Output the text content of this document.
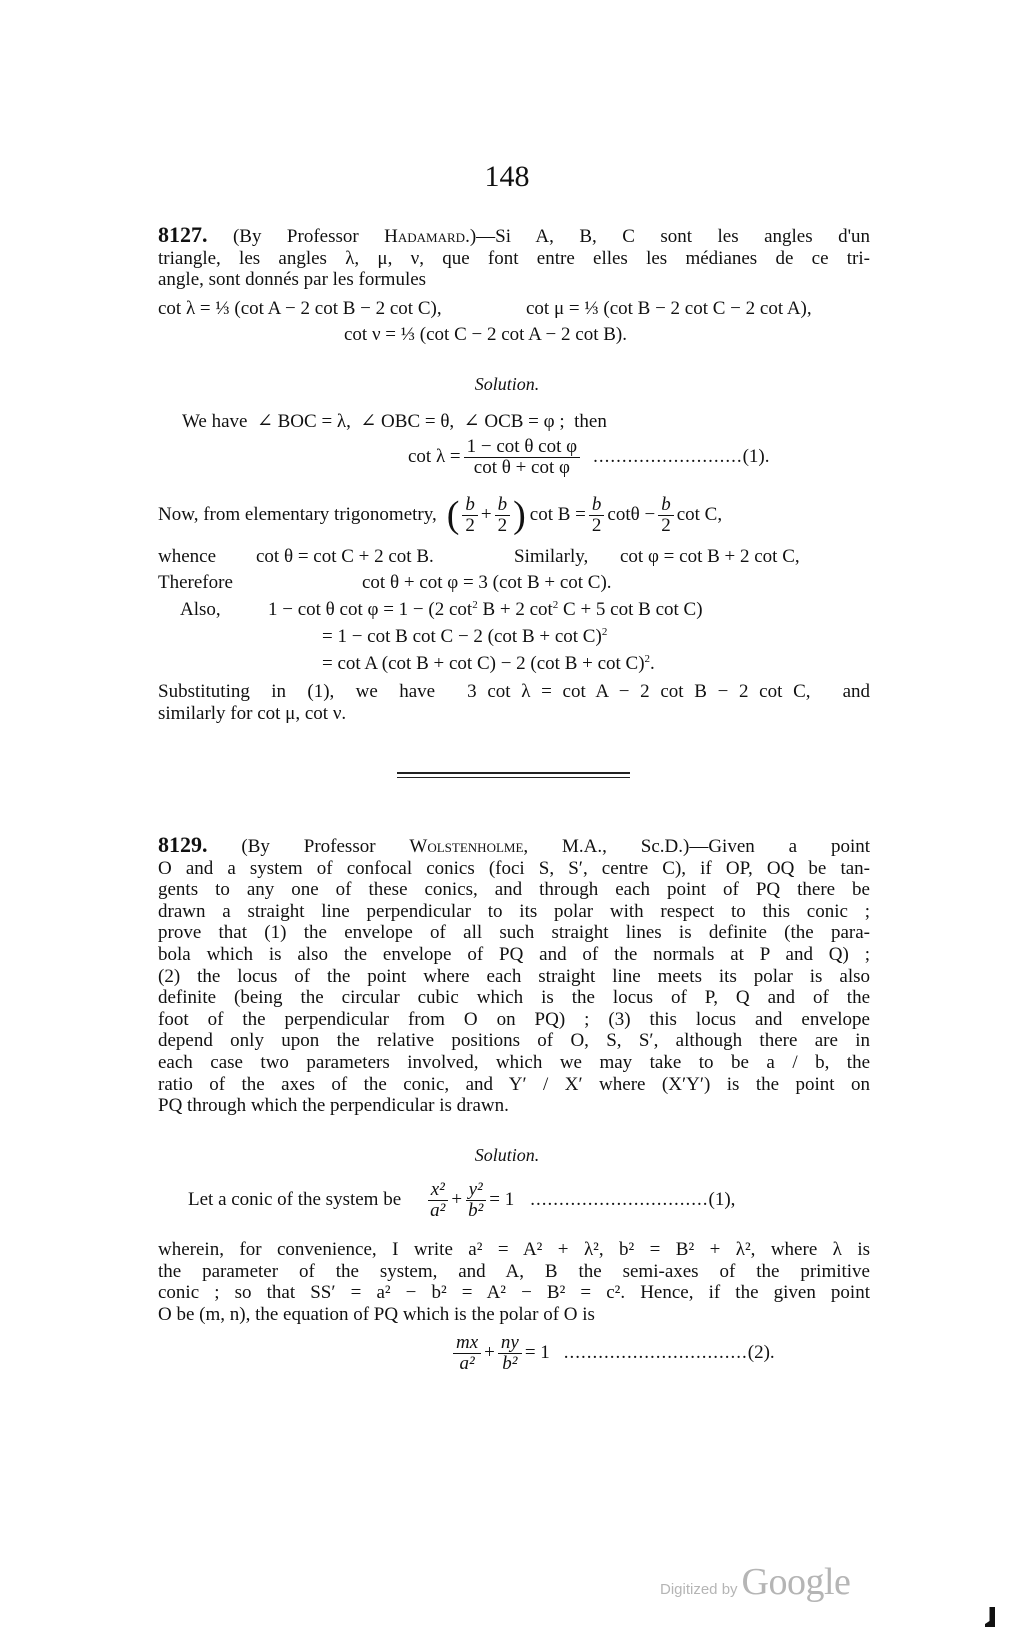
148
8127. (By Professor Hadamard.)—Si A, B, C sont les angles d'un
triangle, les angles λ, μ, ν, que font entre elles les médianes de ce tri-
angle, sont donnés par les formules
cot λ = ⅓ (cot A − 2 cot B − 2 cot C),	cot μ = ⅓ (cot B − 2 cot C − 2 cot A),
cot ν = ⅓ (cot C − 2 cot A − 2 cot B).
Solution.
We have  ∠ BOC = λ,  ∠ OBC = θ,  ∠ OCB = φ ;  then
$\cot \lambda = \frac{\text{1 − cot θ cot φ}}{\text{cot θ + cot φ}}$ .......................... (1).
Now, from elementary trigonometry, ( $\frac{b}{2} + \frac{b}{2}$ ) $\cot B = \frac{b}{2}$ $\cot\theta - \frac{b}{2}$ cot C,
whence cot θ = cot C + 2 cot B.	Similarly, cot φ = cot B + 2 cot C,
Therefore	cot θ + cot φ = 3 (cot B + cot C).
Also, 1 − cot θ cot φ = 1 − (2 $\cot^2 B + 2$ $\cot^2 C + 5$ cot B cot C)
= 1 − cot B cot C − 2 (cot B + cot C)$^2$
= cot A (cot B + cot C) − 2 (cot B + cot C)$^2$.
Substituting  in  (1),  we  have   3 cot λ = cot A − 2 cot B − 2 cot C,   and
similarly for cot μ, cot ν.
8129. (By Professor Wolstenholme, M.A., Sc.D.)—Given a point
O and a system of confocal conics (foci S, S′, centre C), if OP, OQ be tan-
gents to any one of these conics, and through each point of PQ there be
drawn a straight line perpendicular to its polar with respect to this conic ;
prove that (1) the envelope of all such straight lines is definite (the para-
bola which is also the envelope of PQ and of the normals at P and Q) ;
(2) the locus of the point where each straight line meets its polar is also
definite (being the circular cubic which is the locus of P, Q and of the
foot of the perpendicular from O on PQ) ; (3) this locus and envelope
depend only upon the relative positions of O, S, S′, although there are in
each case two parameters involved, which we may take to be a / b, the
ratio of the axes of the conic, and Y′ / X′ where (X′Y′) is the point on
PQ through which the perpendicular is drawn.
Solution.
Let a conic of the system be $\frac{\text{x²}}{\text{a²}} + \frac{\text{y²}}{\text{b²}} = 1$ ............................... (1),
wherein, for convenience, I write a² = A² + λ², b² = B² + λ², where λ is
the parameter of the system, and A, B the semi-axes of the primitive
conic ; so that SS′ = a² − b² = A² − B² = c². Hence, if the given point
O be (m, n), the equation of PQ which is the polar of O is
$\frac{mx}{\text{a²}} + \frac{ny}{\text{b²}} = 1$ ................................ (2).
Digitized by Google
